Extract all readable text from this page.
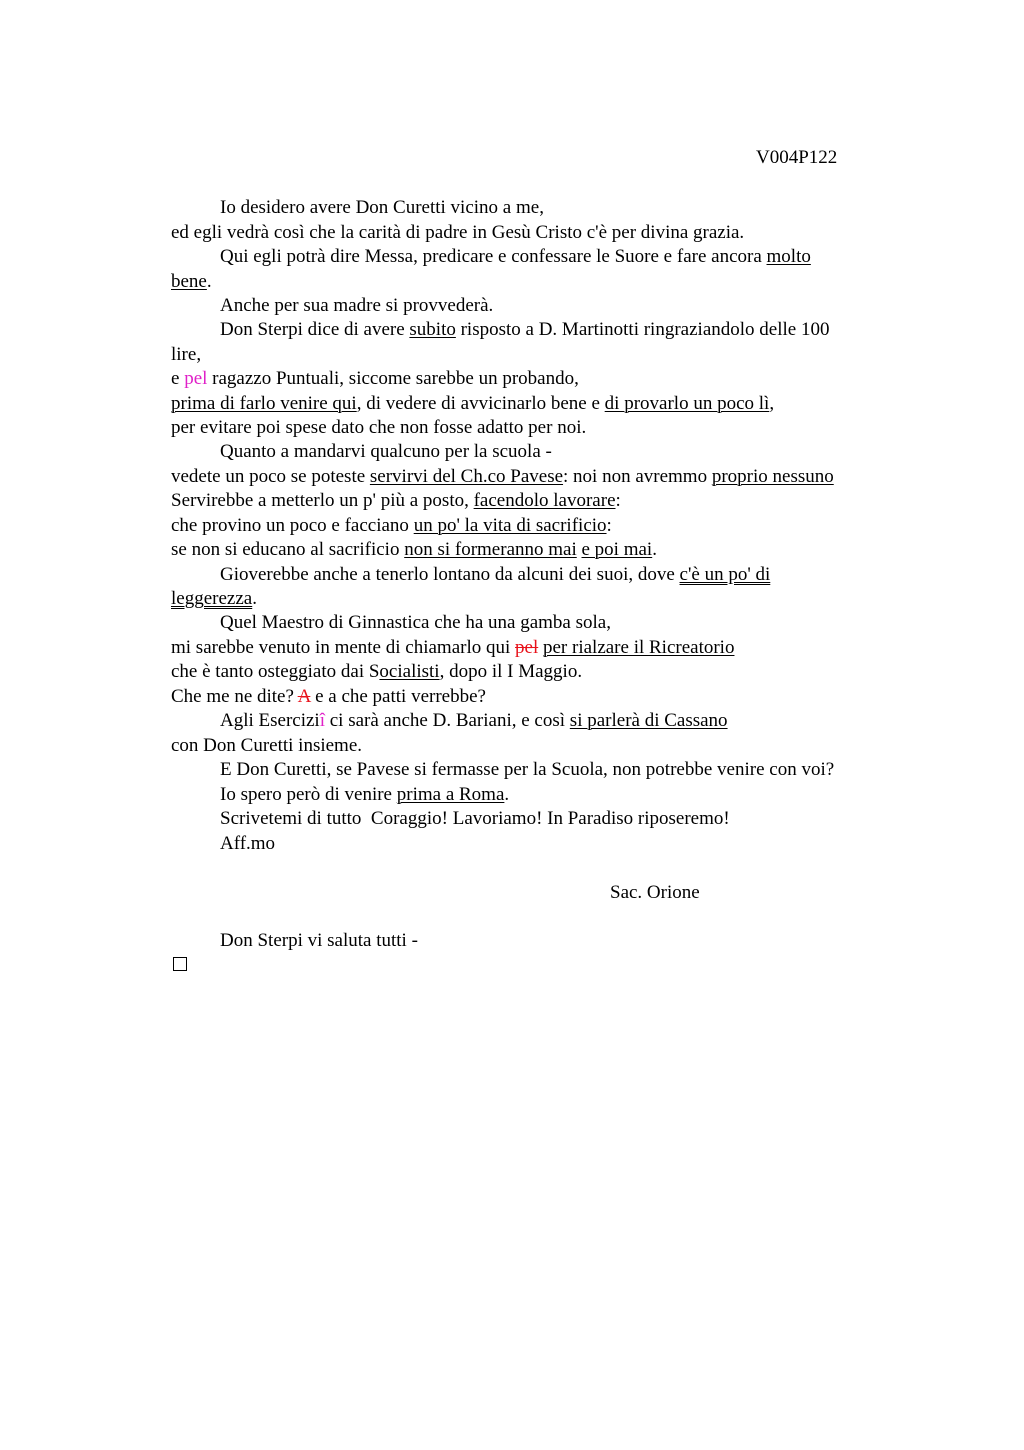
V004P122
Io desidero avere Don Curetti vicino a me,
ed egli vedrà così che la carità di padre in Gesù Cristo c'è per divina grazia.
Qui egli potrà dire Messa, predicare e confessare le Suore e fare ancora molto
bene.
Anche per sua madre si provvederà.
Don Sterpi dice di avere subito risposto a D. Martinotti ringraziandolo delle 100
lire,
e pel ragazzo Puntuali, siccome sarebbe un probando,
prima di farlo venire qui, di vedere di avvicinarlo bene e di provarlo un poco lì,
per evitare poi spese dato che non fosse adatto per noi.
Quanto a mandarvi qualcuno per la scuola -
vedete un poco se poteste servirvi del Ch.co Pavese: noi non avremmo proprio nessuno
Servirebbe a metterlo un p' più a posto, facendolo lavorare:
che provino un poco e facciano un po' la vita di sacrificio:
se non si educano al sacrificio non si formeranno mai e poi mai.
Gioverebbe anche a tenerlo lontano da alcuni dei suoi, dove c'è un po' di
leggerezza.
Quel Maestro di Ginnastica che ha una gamba sola,
mi sarebbe venuto in mente di chiamarlo qui pel per rialzare il Ricreatorio
che è tanto osteggiato dai Socialisti, dopo il I Maggio.
Che me ne dite? A e a che patti verrebbe?
Agli Eserciziî ci sarà anche D. Bariani, e così si parlerà di Cassano
con Don Curetti insieme.
E Don Curetti, se Pavese si fermasse per la Scuola, non potrebbe venire con voi?
Io spero però di venire prima a Roma.
Scrivetemi di tutto  Coraggio! Lavoriamo! In Paradiso riposeremo!
Aff.mo
Sac. Orione
Don Sterpi vi saluta tutti -
